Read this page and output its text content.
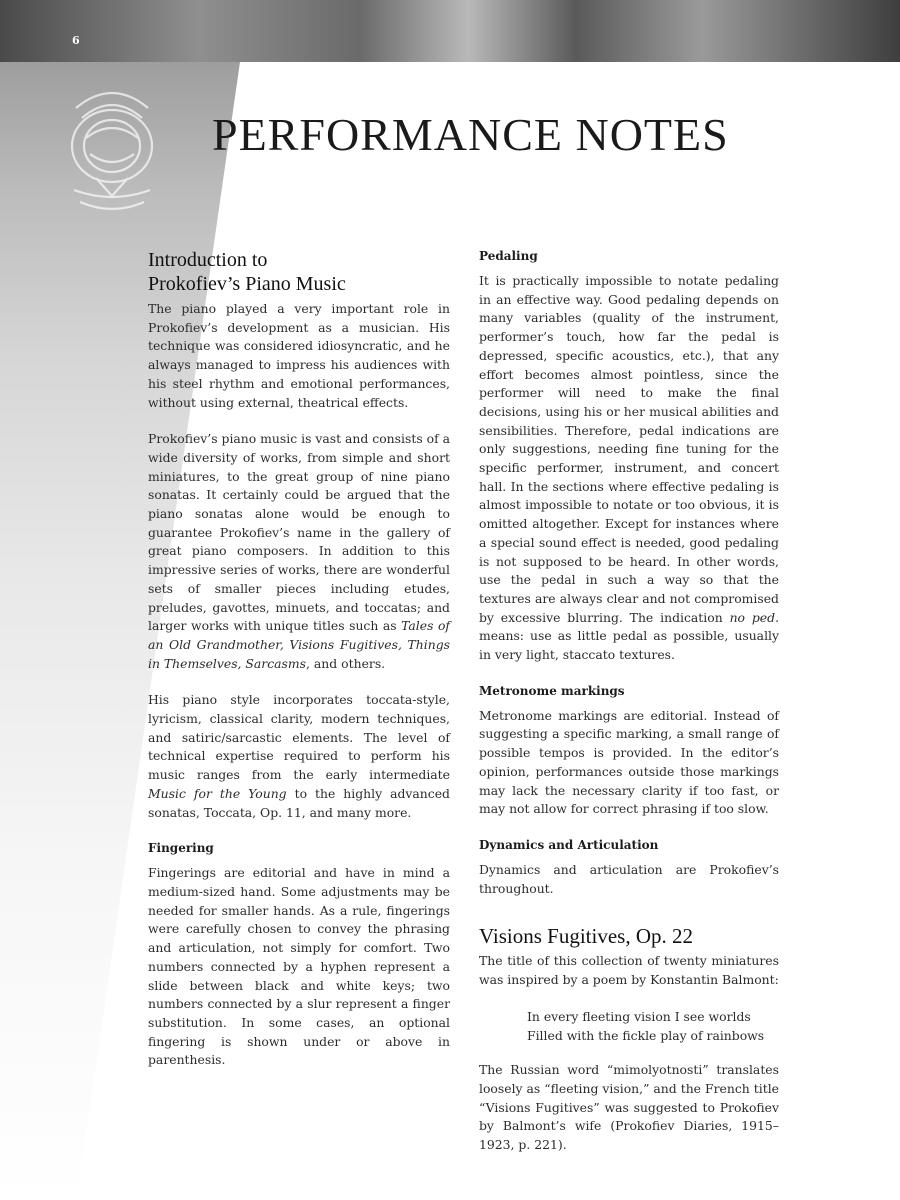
6
PERFORMANCE NOTES
Introduction to
Prokofiev’s Piano Music

The piano played a very important role in Prokofiev’s development as a musician. His technique was considered idiosyncratic, and he always managed to impress his audiences with his steel rhythm and emotional performances, without using external, theatrical effects.

Prokofiev’s piano music is vast and consists of a wide diversity of works, from simple and short miniatures, to the great group of nine piano sonatas. It certainly could be argued that the piano sonatas alone would be enough to guarantee Prokofiev’s name in the gallery of great piano composers. In addition to this impressive series of works, there are wonderful sets of smaller pieces including etudes, preludes, gavottes, minuets, and toccatas; and larger works with unique titles such as Tales of an Old Grandmother, Visions Fugitives, Things in Themselves, Sarcasms, and others.

His piano style incorporates toccata-style, lyricism, classical clarity, modern techniques, and satiric/sarcastic elements. The level of technical expertise required to perform his music ranges from the early intermediate Music for the Young to the highly advanced sonatas, Toccata, Op. 11, and many more.

Fingering

Fingerings are editorial and have in mind a medium-sized hand. Some adjustments may be needed for smaller hands. As a rule, fingerings were carefully chosen to convey the phrasing and articulation, not simply for comfort. Two numbers connected by a hyphen represent a slide between black and white keys; two numbers connected by a slur represent a finger substitution. In some cases, an optional fingering is shown under or above in parenthesis.

Pedaling

It is practically impossible to notate pedaling in an effective way. Good pedaling depends on many variables (quality of the instrument, performer’s touch, how far the pedal is depressed, specific acoustics, etc.), that any effort becomes almost pointless, since the performer will need to make the final decisions, using his or her musical abilities and sensibilities. Therefore, pedal indications are only suggestions, needing fine tuning for the specific performer, instrument, and concert hall. In the sections where effective pedaling is almost impossible to notate or too obvious, it is omitted altogether. Except for instances where a special sound effect is needed, good pedaling is not supposed to be heard. In other words, use the pedal in such a way so that the textures are always clear and not compromised by excessive blurring. The indication no ped. means: use as little pedal as possible, usually in very light, staccato textures.

Metronome markings

Metronome markings are editorial. Instead of suggesting a specific marking, a small range of possible tempos is provided. In the editor’s opinion, performances outside those markings may lack the necessary clarity if too fast, or may not allow for correct phrasing if too slow.

Dynamics and Articulation

Dynamics and articulation are Prokofiev’s throughout.

Visions Fugitives, Op. 22

The title of this collection of twenty miniatures was inspired by a poem by Konstantin Balmont:

In every fleeting vision I see worlds
Filled with the fickle play of rainbows

The Russian word “mimolyotnosti” translates loosely as “fleeting vision,” and the French title “Visions Fugitives” was suggested to Prokofiev by Balmont’s wife (Prokofiev Diaries, 1915–1923, p. 221).
